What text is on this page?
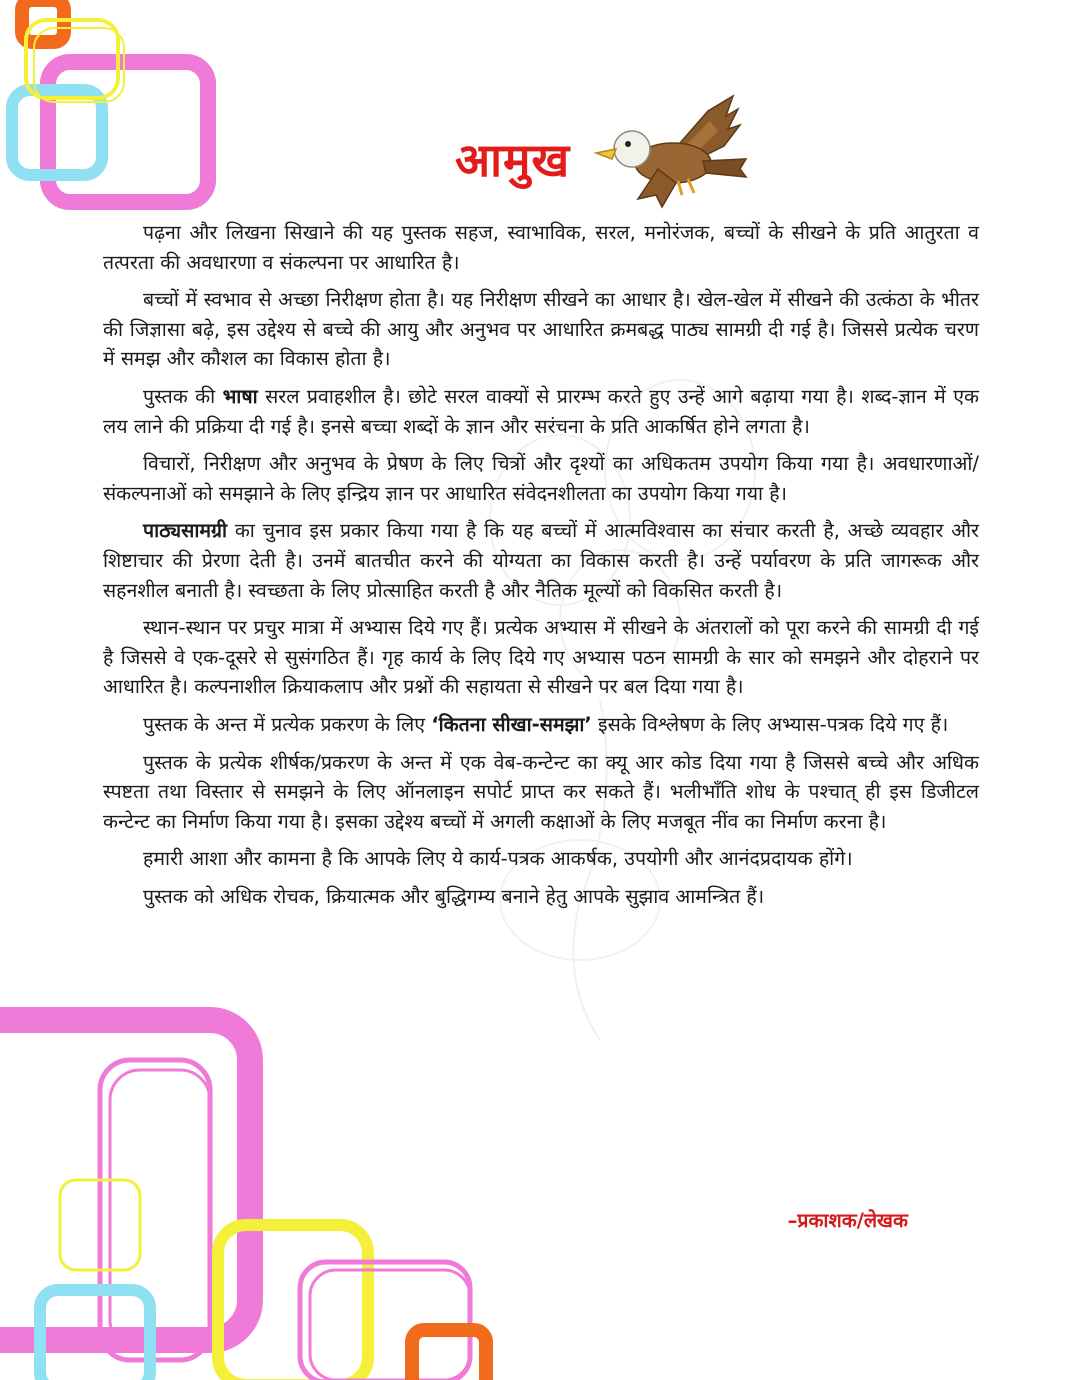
आमुख

पढ़ना और लिखना सिखाने की यह पुस्तक सहज, स्वाभाविक, सरल, मनोरंजक, बच्चों के सीखने के प्रति आतुरता व तत्परता की अवधारणा व संकल्पना पर आधारित है।

बच्चों में स्वभाव से अच्छा निरीक्षण होता है। यह निरीक्षण सीखने का आधार है। खेल-खेल में सीखने की उत्कंठा के भीतर की जिज्ञासा बढ़े, इस उद्देश्य से बच्चे की आयु और अनुभव पर आधारित क्रमबद्ध पाठ्य सामग्री दी गई है। जिससे प्रत्येक चरण में समझ और कौशल का विकास होता है।

पुस्तक की भाषा सरल प्रवाहशील है। छोटे सरल वाक्यों से प्रारम्भ करते हुए उन्हें आगे बढ़ाया गया है। शब्द-ज्ञान में एक लय लाने की प्रक्रिया दी गई है। इनसे बच्चा शब्दों के ज्ञान और सरंचना के प्रति आकर्षित होने लगता है।

विचारों, निरीक्षण और अनुभव के प्रेषण के लिए चित्रों और दृश्यों का अधिकतम उपयोग किया गया है। अवधारणाओं/संकल्पनाओं को समझाने के लिए इन्द्रिय ज्ञान पर आधारित संवेदनशीलता का उपयोग किया गया है।

पाठ्यसामग्री का चुनाव इस प्रकार किया गया है कि यह बच्चों में आत्मविश्वास का संचार करती है, अच्छे व्यवहार और शिष्टाचार की प्रेरणा देती है। उनमें बातचीत करने की योग्यता का विकास करती है। उन्हें पर्यावरण के प्रति जागरूक और सहनशील बनाती है। स्वच्छता के लिए प्रोत्साहित करती है और नैतिक मूल्यों को विकसित करती है।

स्थान-स्थान पर प्रचुर मात्रा में अभ्यास दिये गए हैं। प्रत्येक अभ्यास में सीखने के अंतरालों को पूरा करने की सामग्री दी गई है जिससे वे एक-दूसरे से सुसंगठित हैं। गृह कार्य के लिए दिये गए अभ्यास पठन सामग्री के सार को समझने और दोहराने पर आधारित है। कल्पनाशील क्रियाकलाप और प्रश्नों की सहायता से सीखने पर बल दिया गया है।

पुस्तक के अन्त में प्रत्येक प्रकरण के लिए ‘कितना सीखा-समझा’ इसके विश्लेषण के लिए अभ्यास-पत्रक दिये गए हैं।

पुस्तक के प्रत्येक शीर्षक/प्रकरण के अन्त में एक वेब-कन्टेन्ट का क्यू आर कोड दिया गया है जिससे बच्चे और अधिक स्पष्टता तथा विस्तार से समझने के लिए ऑनलाइन सपोर्ट प्राप्त कर सकते हैं। भलीभाँति शोध के पश्चात् ही इस डिजीटल कन्टेन्ट का निर्माण किया गया है। इसका उद्देश्य बच्चों में अगली कक्षाओं के लिए मजबूत नींव का निर्माण करना है।

हमारी आशा और कामना है कि आपके लिए ये कार्य-पत्रक आकर्षक, उपयोगी और आनंदप्रदायक होंगे।

पुस्तक को अधिक रोचक, क्रियात्मक और बुद्धिगम्य बनाने हेतु आपके सुझाव आमन्त्रित हैं।

–प्रकाशक/लेखक
